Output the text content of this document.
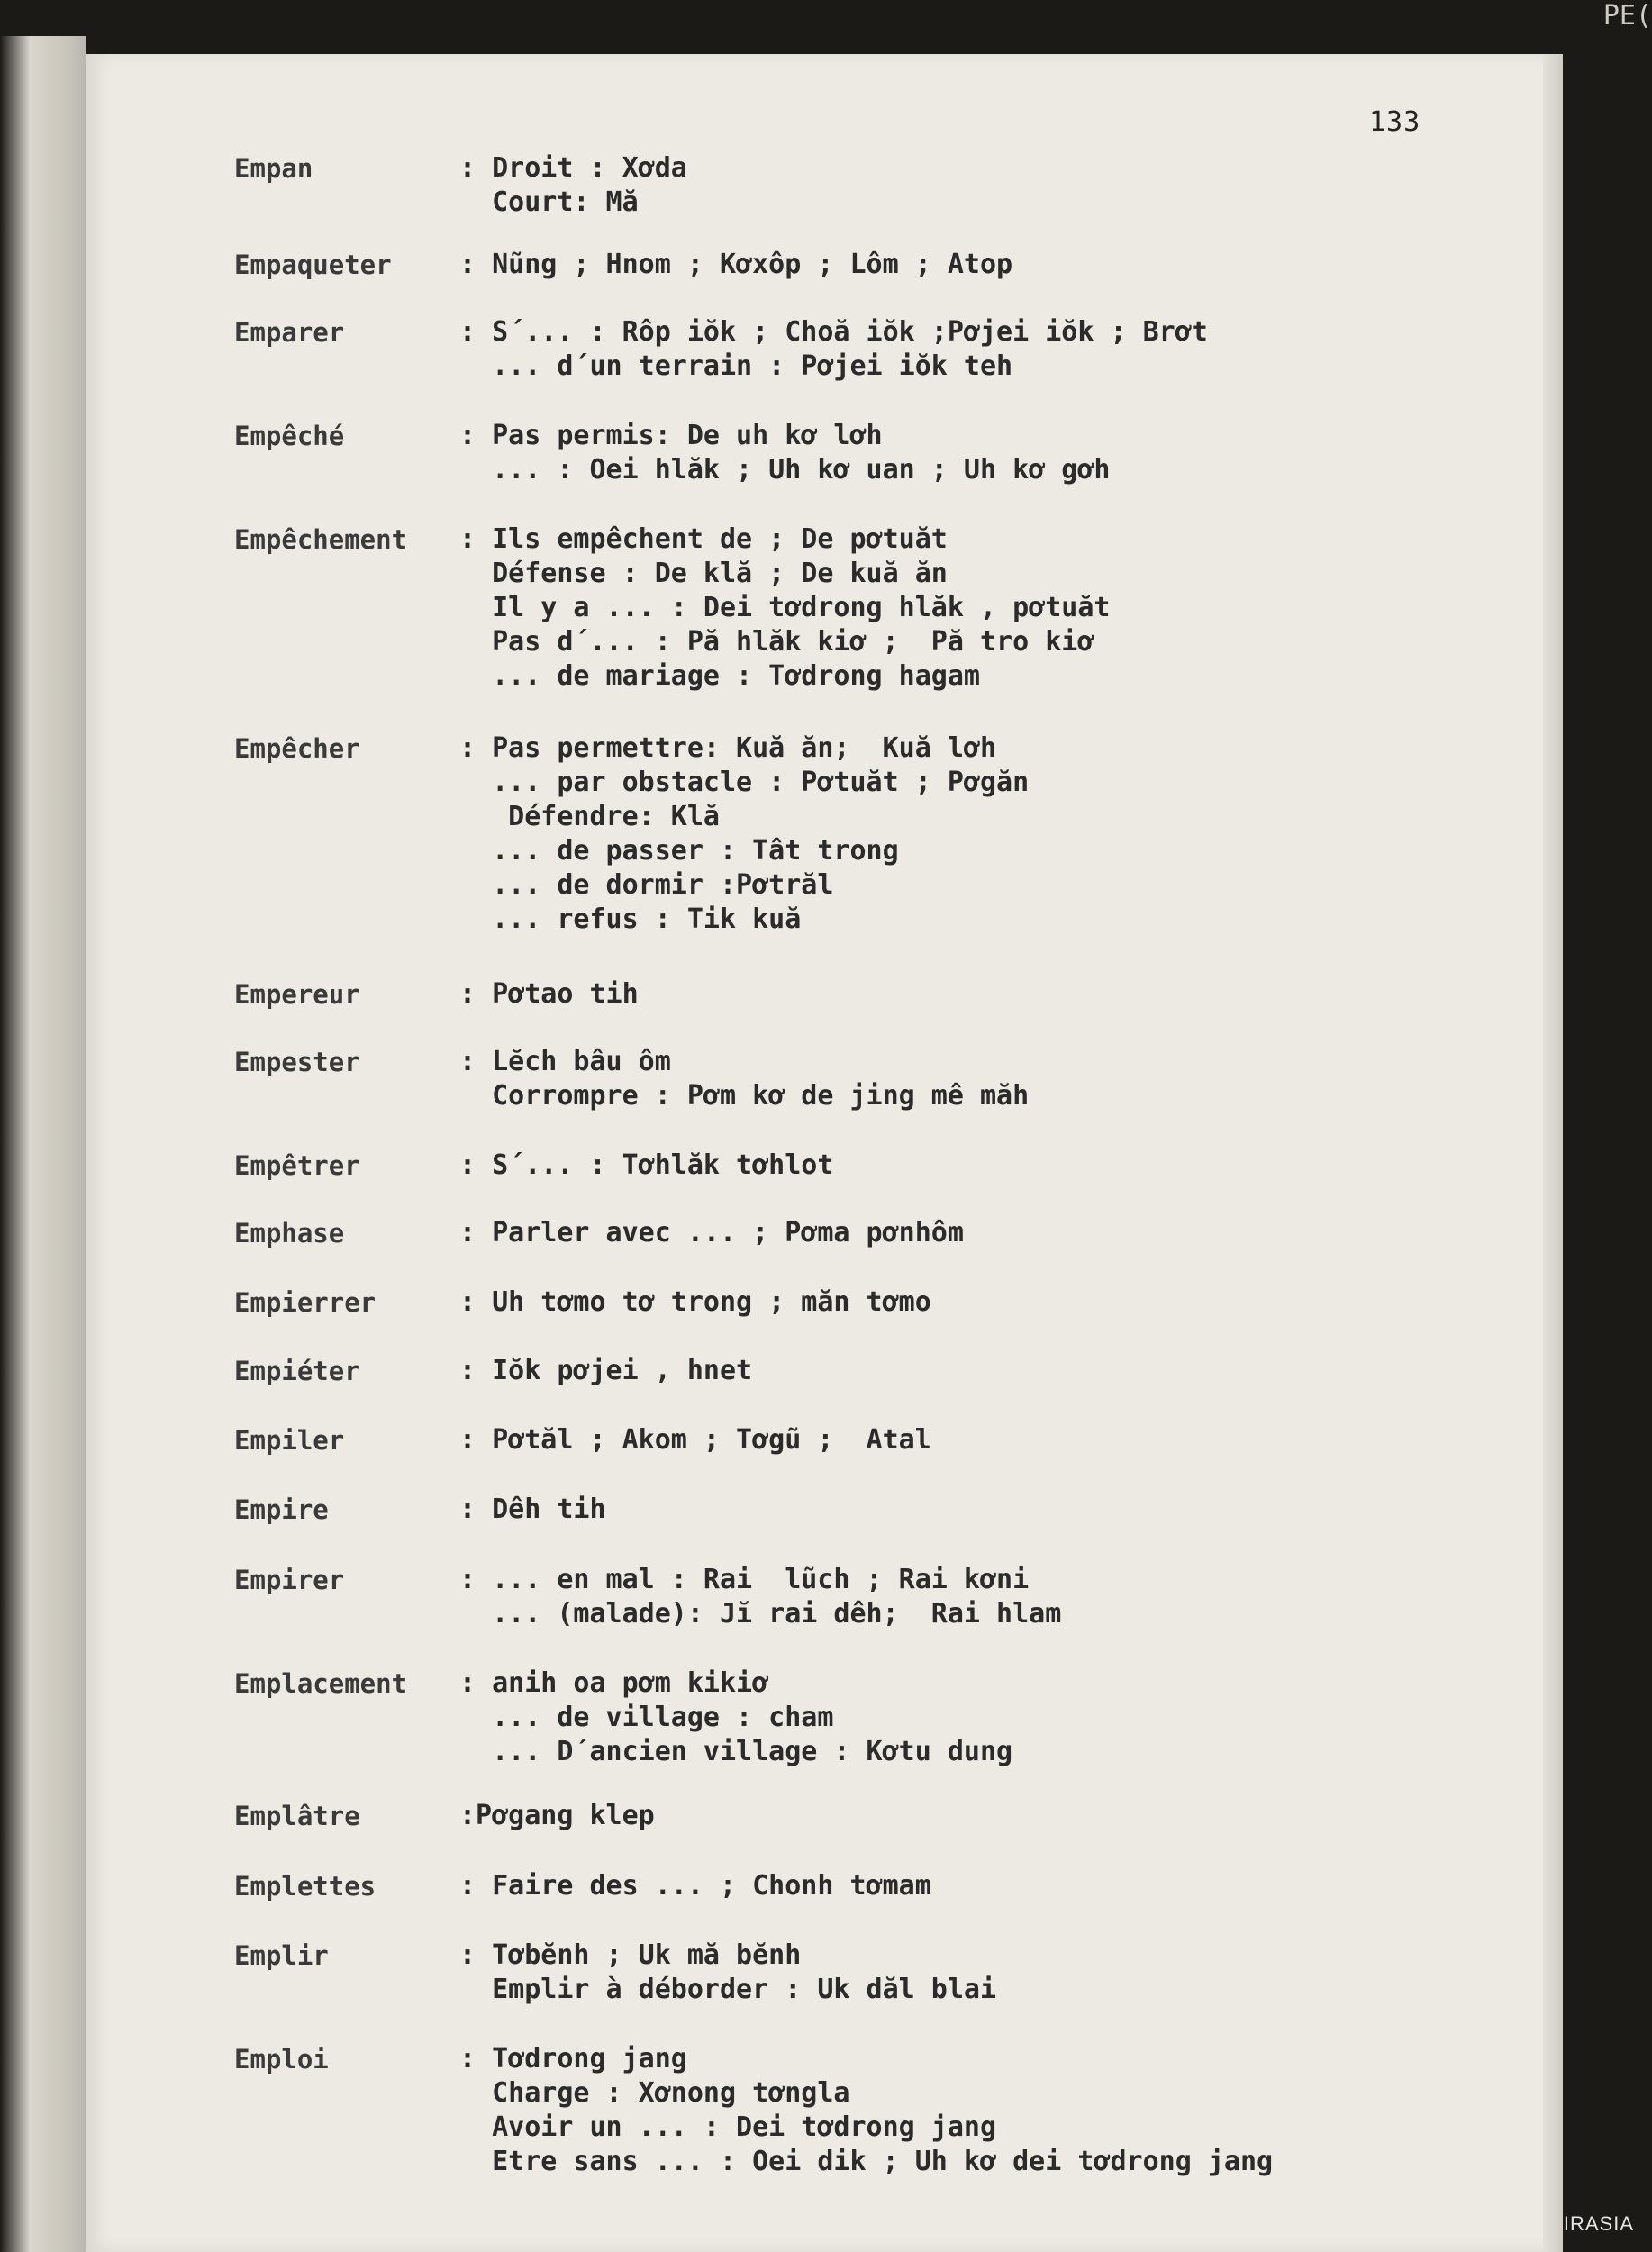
PE(
133
Empan	: Droit : Xơda
Court: Mă
Empaqueter	: Nũng ; Hnom ; Kơxôp ; Lôm ; Atop
Emparer	: S´... : Rôp iŏk ; Choă iŏk ;Pơjei iŏk ; Brơt
... d´un terrain : Pơjei iŏk teh
Empêché	: Pas permis: De uh kơ lơh
... : Oei hlăk ; Uh kơ uan ; Uh kơ gơh
Empêchement : Ils empêchent de ; De pơtuăt
Défense : De klă ; De kuă ăn
Il y a ... : Dei tơdrong hlăk , pơtuăt
Pas d´... : Pă hlăk kiơ ;  Pă tro kiơ
... de mariage : Tơdrong hagam
Empêcher	: Pas permettre: Kuă ăn;  Kuă lơh
... par obstacle : Pơtuăt ; Pơgăn
Défendre: Klă
... de passer : Tât trong
... de dormir :Pơtrăl
... refus : Tik kuă
Empereur	: Pơtao tih
Empester	: Lĕch bâu ôm
Corrompre : Pơm kơ de jing mê măh
Empêtrer	: S´... : Tơhlăk tơhlot
Emphase	: Parler avec ... ; Pơma pơnhôm
Empierrer	: Uh tơmo tơ trong ; măn tơmo
Empiéter	: Iŏk pơjei , hnet
Empiler	: Pơtăl ; Akom ; Tơgũ ;  Atal
Empire	: Dêh tih
Empirer	: ... en mal : Rai  lũch ; Rai kơni
... (malade): Jĭ rai dêh;  Rai hlam
Emplacement : anih oa pơm kikiơ
... de village : cham
... D´ancien village : Kơtu dung
Emplâtre	:Pơgang klep
Emplettes	: Faire des ... ; Chonh tơmam
Emplir	: Tơbĕnh ; Uk mă bĕnh
Emplir à déborder : Uk dăl blai
Emploi	: Tơdrong jang
Charge : Xơnong tơngla
Avoir un ... : Dei tơdrong jang
Etre sans ... : Oei dik ; Uh kơ dei tơdrong jang
IRASIA
